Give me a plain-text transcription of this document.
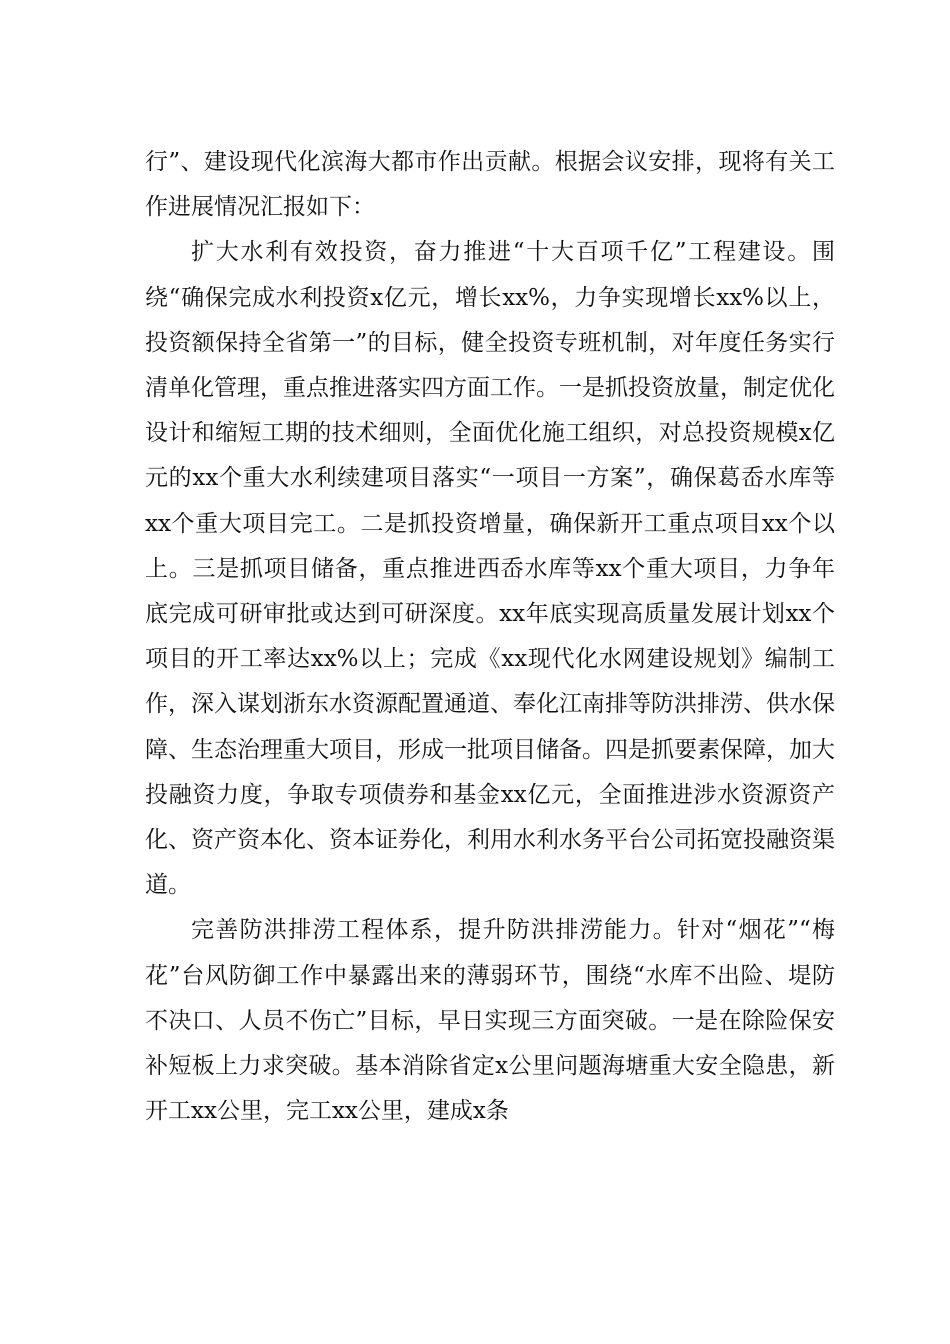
行”、建设现代化滨海大都市作出贡献。根据会议安排，现将有关工作进展情况汇报如下：

扩大水利有效投资，奋力推进“十大百项千亿”工程建设。围绕“确保完成水利投资x亿元，增长xx%，力争实现增长xx%以上，投资额保持全省第一”的目标，健全投资专班机制，对年度任务实行清单化管理，重点推进落实四方面工作。一是抓投资放量，制定优化设计和缩短工期的技术细则，全面优化施工组织，对总投资规模x亿元的xx个重大水利续建项目落实“一项目一方案”，确保葛岙水库等xx个重大项目完工。二是抓投资增量，确保新开工重点项目xx个以上。三是抓项目储备，重点推进西岙水库等xx个重大项目，力争年底完成可研审批或达到可研深度。xx年底实现高质量发展计划xx个项目的开工率达xx%以上；完成《xx现代化水网建设规划》编制工作，深入谋划浙东水资源配置通道、奉化江南排等防洪排涝、供水保障、生态治理重大项目，形成一批项目储备。四是抓要素保障，加大投融资力度，争取专项债券和基金xx亿元，全面推进涉水资源资产化、资产资本化、资本证券化，利用水利水务平台公司拓宽投融资渠道。

完善防洪排涝工程体系，提升防洪排涝能力。针对“烟花”“梅花”台风防御工作中暴露出来的薄弱环节，围绕“水库不出险、堤防不决口、人员不伤亡”目标，早日实现三方面突破。一是在除险保安补短板上力求突破。基本消除省定x公里问题海塘重大安全隐患，新开工xx公里，完工xx公里，建成x条
